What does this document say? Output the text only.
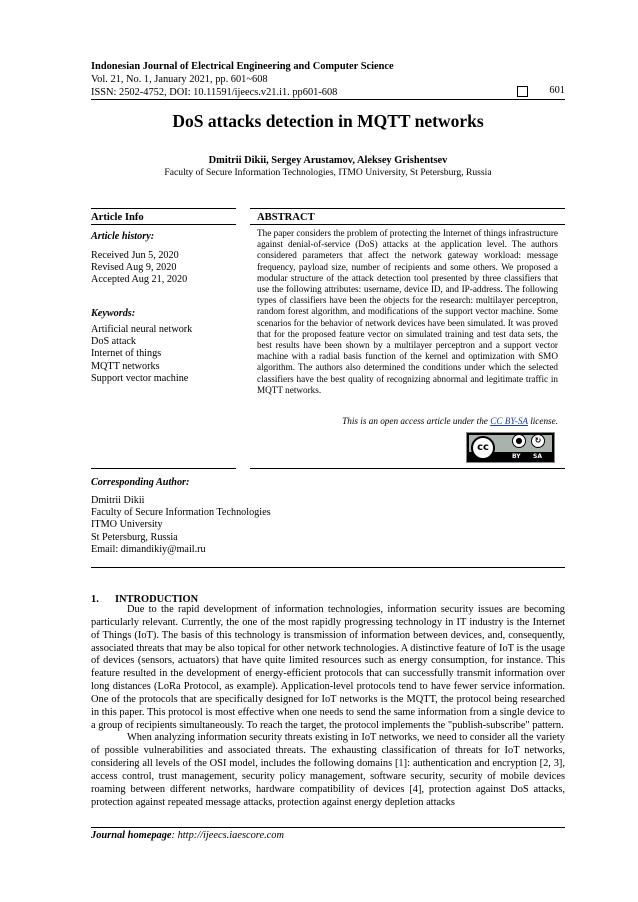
Indonesian Journal of Electrical Engineering and Computer Science
Vol. 21, No. 1, January 2021, pp. 601~608
ISSN: 2502-4752, DOI: 10.11591/ijeecs.v21.i1. pp601-608	601
DoS attacks detection in MQTT networks
Dmitrii Dikii, Sergey Arustamov, Aleksey Grishentsev
Faculty of Secure Information Technologies, ITMO University, St Petersburg, Russia
Article Info
Article history:
Received Jun 5, 2020
Revised Aug 9, 2020
Accepted Aug 21, 2020
Keywords:
Artificial neural network
DoS attack
Internet of things
MQTT networks
Support vector machine
ABSTRACT
The paper considers the problem of protecting the Internet of things infrastructure against denial-of-service (DoS) attacks at the application level. The authors considered parameters that affect the network gateway workload: message frequency, payload size, number of recipients and some others. We proposed a modular structure of the attack detection tool presented by three classifiers that use the following attributes: username, device ID, and IP-address. The following types of classifiers have been the objects for the research: multilayer perceptron, random forest algorithm, and modifications of the support vector machine. Some scenarios for the behavior of network devices have been simulated. It was proved that for the proposed feature vector on simulated training and test data sets, the best results have been shown by a multilayer perceptron and a support vector machine with a radial basis function of the kernel and optimization with SMO algorithm. The authors also determined the conditions under which the selected classifiers have the best quality of recognizing abnormal and legitimate traffic in MQTT networks.
This is an open access article under the CC BY-SA license.
cc
●	↻
BY SA
Corresponding Author:
Dmitrii Dikii
Faculty of Secure Information Technologies
ITMO University
St Petersburg, Russia
Email: dimandikiy@mail.ru
1. INTRODUCTION

Due to the rapid development of information technologies, information security issues are becoming particularly relevant. Currently, the one of the most rapidly progressing technology in IT industry is the Internet of Things (IoT). The basis of this technology is transmission of information between devices, and, consequently, associated threats that may be also topical for other network technologies. A distinctive feature of IoT is the usage of devices (sensors, actuators) that have quite limited resources such as energy consumption, for instance. This feature resulted in the development of energy-efficient protocols that can successfully transmit information over long distances (LoRa Protocol, as example). Application-level protocols tend to have fewer service information. One of the protocols that are specifically designed for IoT networks is the MQTT, the protocol being researched in this paper. This protocol is most effective when one needs to send the same information from a single device to a group of recipients simultaneously. To reach the target, the protocol implements the "publish-subscribe" pattern.

When analyzing information security threats existing in IoT networks, we need to consider all the variety of possible vulnerabilities and associated threats. The exhausting classification of threats for IoT networks, considering all levels of the OSI model, includes the following domains [1]: authentication and encryption [2, 3], access control, trust management, security policy management, software security, security of mobile devices roaming between different networks, hardware compatibility of devices [4], protection against DoS attacks, protection against repeated message attacks, protection against energy depletion attacks

Journal homepage: http://ijeecs.iaescore.com
